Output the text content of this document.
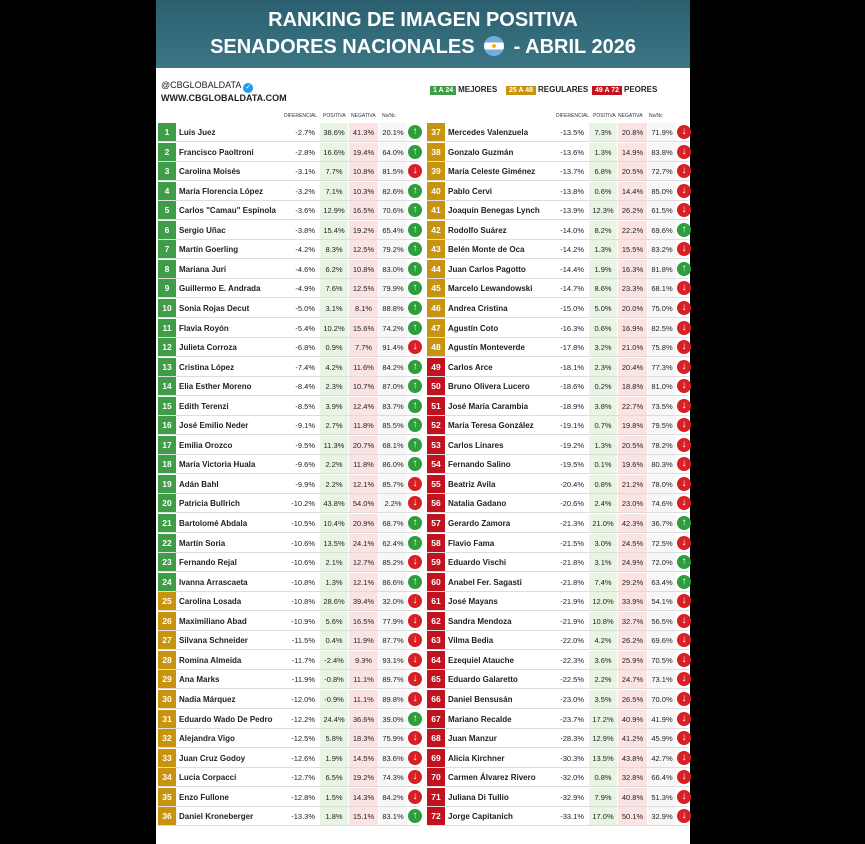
RANKING DE IMAGEN POSITIVA
SENADORES NACIONALES - ABRIL 2026
@CBGLOBALDATA ✓
WWW.CBGLOBALDATA.COM
1 A 24 MEJORES	25 A 48 REGULARES 49 A 72 PEORES
DIFERENCIAL POSITIVA NEGATIVA Ns/Nc	DIFERENCIAL POSITIVA NEGATIVA Ns/Nc
1	Luis Juez	-2.7%	38.6%	41.3%	20.1% ↑
2	Francisco Paoltroni	-2.8%	16.6%	19.4%	64.0% ↑
3	Carolina Moisés	-3.1%	7.7%	10.8%	81.5% ↓
4	María Florencia López	-3.2%	7.1%	10.3%	82.6% ↑
5	Carlos "Camau" Espínola	-3.6%	12.9%	16.5%	70.6% ↑
6	Sergio Uñac	-3.8%	15.4%	19.2%	65.4% ↑
7	Martín Goerling	-4.2%	8.3%	12.5%	79.2% ↑
8	Mariana Juri	-4.6%	6.2%	10.8%	83.0% ↑
9	Guillermo E. Andrada	-4.9%	7.6%	12.5%	79.9% ↑
10 Sonia Rojas Decut	-5.0%	3.1%	8.1%	88.8% ↑
11 Flavia Royón	-5.4%	10.2%	15.6%	74.2% ↑
12 Julieta Corroza	-6.8%	0.9%	7.7%	91.4% ↓
13 Cristina López	-7.4%	4.2%	11.6%	84.2% ↑
14 Elia Esther Moreno	-8.4%	2.3%	10.7%	87.0% ↑
15 Edith Terenzi	-8.5%	3.9%	12.4%	83.7% ↑
16 José Emilio Neder	-9.1%	2.7%	11.8%	85.5% ↑
17 Emilia Orozco	-9.5%	11.3%	20.7%	68.1% ↑
18 María Victoria Huala	-9.6%	2.2%	11.8%	86.0% ↑
19 Adán Bahl	-9.9%	2.2%	12.1%	85.7% ↓
20 Patricia Bullrich	-10.2%	43.8%	54.0%	2.2%	↓
21 Bartolomé Abdala	-10.5%	10.4%	20.9%	68.7% ↑
22 Martín Soria	-10.6%	13.5%	24.1%	62.4% ↑
23 Fernando Rejal	-10.6%	2.1%	12.7%	85.2% ↓
24 Ivanna Arrascaeta	-10.8%	1.3%	12.1%	86.6% ↑
25 Carolina Losada	-10.8%	28.6%	39.4%	32.0% ↓
26 Maximiliano Abad	-10.9%	5.6%	16.5%	77.9% ↓
27 Silvana Schneider	-11.5%	0.4%	11.9%	87.7% ↓
28 Romina Almeida	-11.7%	-2.4%	9.3%	93.1% ↓
29 Ana Marks	-11.9%	-0.8%	11.1%	89.7% ↓
30 Nadia Márquez	-12.0%	-0.9%	11.1%	89.8% ↓
31 Eduardo Wado De Pedro	-12.2%	24.4%	36.6%	39.0% ↑
32 Alejandra Vigo	-12.5%	5.8%	18.3%	75.9% ↓
33 Juan Cruz Godoy	-12.6%	1.9%	14.5%	83.6% ↓
34 Lucia Corpacci	-12.7%	6.5%	19.2%	74.3% ↓
35 Enzo Fullone	-12.8%	1.5%	14.3%	84.2% ↓
36 Daniel Kroneberger	-13.3%	1.8%	15.1%	83.1% ↑
37 Mercedes Valenzuela	-13.5%	7.3%	20.8%	71.9% ↓
38 Gonzalo Guzmán	-13.6%	1.3%	14.9%	83.8% ↓
39 María Celeste Giménez	-13.7%	6.8%	20.5%	72.7% ↓
40 Pablo Cervi	-13.8%	0.6%	14.4%	85.0% ↓
41 Joaquín Benegas Lynch	-13.9%	12.3%	26.2%	61.5% ↓
42 Rodolfo Suárez	-14.0%	8.2%	22.2%	69.6% ↑
43 Belén Monte de Oca	-14.2%	1.3%	15.5%	83.2% ↓
44 Juan Carlos Pagotto	-14.4%	1.9%	16.3%	81.8% ↑
45 Marcelo Lewandowski	-14.7%	8.6%	23.3%	68.1% ↓
46 Andrea Cristina	-15.0%	5.0%	20.0%	75.0% ↓
47 Agustín Coto	-16.3%	0.6%	16.9%	82.5% ↓
48 Agustín Monteverde	-17.8%	3.2%	21.0%	75.8% ↓
49 Carlos Arce	-18.1%	2.3%	20.4%	77.3% ↓
50 Bruno Olivera Lucero	-18.6%	0.2%	18.8%	81.0% ↓
51 José María Carambia	-18.9%	3.8%	22.7%	73.5% ↓
52 María Teresa González	-19.1%	0.7%	19.8%	79.5% ↓
53 Carlos Linares	-19.2%	1.3%	20.5%	78.2% ↓
54 Fernando Salino	-19.5%	0.1%	19.6%	80.3% ↓
55 Beatriz Avila	-20.4%	0.8%	21.2%	78.0% ↓
56 Natalia Gadano	-20.6%	2.4%	23.0%	74.6% ↓
57 Gerardo Zamora	-21.3%	21.0%	42.3%	36.7% ↑
58 Flavio Fama	-21.5%	3.0%	24.5%	72.5% ↓
59 Eduardo Vischi	-21.8%	3.1%	24.9%	72.0% ↑
60 Anabel Fer. Sagasti	-21.8%	7.4%	29.2%	63.4% ↑
61 José Mayans	-21.9%	12.0%	33.9%	54.1% ↓
62 Sandra Mendoza	-21.9%	10.8%	32.7%	56.5% ↓
63 Vilma Bedia	-22.0%	4.2%	26.2%	69.6% ↓
64 Ezequiel Atauche	-22.3%	3.6%	25.9%	70.5% ↓
65 Eduardo Galaretto	-22.5%	2.2%	24.7%	73.1% ↓
66 Daniel Bensusán	-23.0%	3.5%	26.5%	70.0% ↓
67 Mariano Recalde	-23.7%	17.2%	40.9%	41.9% ↓
68 Juan Manzur	-28.3%	12.9%	41.2%	45.9% ↓
69 Alicia Kirchner	-30.3%	13.5%	43.8%	42.7% ↓
70 Carmen Álvarez Rivero	-32.0%	0.8%	32.8%	66.4% ↓
71 Juliana Di Tullio	-32.9%	7.9%	40.8%	51.3% ↓
72 Jorge Capitanich	-33.1%	17.0%	50.1%	32.9% ↓
